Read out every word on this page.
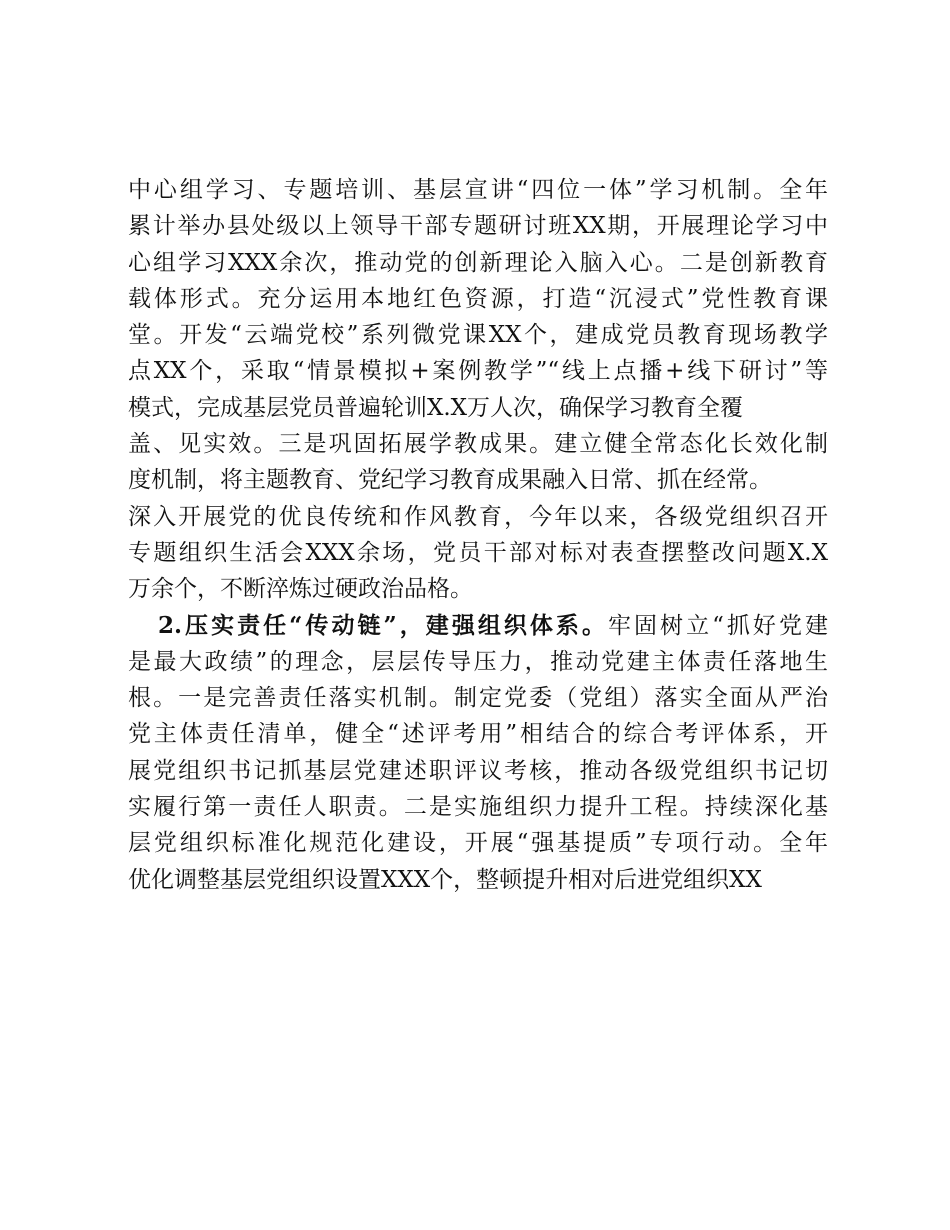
中心组学习、专题培训、基层宣讲“四位一体”学习机制。全年
累计举办县处级以上领导干部专题研讨班XX期，开展理论学习中
心组学习XXX余次，推动党的创新理论入脑入心。二是创新教育
载体形式。充分运用本地红色资源，打造“沉浸式”党性教育课
堂。开发“云端党校”系列微党课XX个，建成党员教育现场教学
点XX个，采取“情景模拟+案例教学”“线上点播+线下研讨”等
模式，完成基层党员普遍轮训X.X万人次，确保学习教育全覆
盖、见实效。三是巩固拓展学教成果。建立健全常态化长效化制
度机制，将主题教育、党纪学习教育成果融入日常、抓在经常。
深入开展党的优良传统和作风教育，今年以来，各级党组织召开
专题组织生活会XXX余场，党员干部对标对表查摆整改问题X.X
万余个，不断淬炼过硬政治品格。
2.压实责任“传动链”，建强组织体系。牢固树立“抓好党建
是最大政绩”的理念，层层传导压力，推动党建主体责任落地生
根。一是完善责任落实机制。制定党委（党组）落实全面从严治
党主体责任清单，健全“述评考用”相结合的综合考评体系，开
展党组织书记抓基层党建述职评议考核，推动各级党组织书记切
实履行第一责任人职责。二是实施组织力提升工程。持续深化基
层党组织标准化规范化建设，开展“强基提质”专项行动。全年
优化调整基层党组织设置XXX个，整顿提升相对后进党组织XX
